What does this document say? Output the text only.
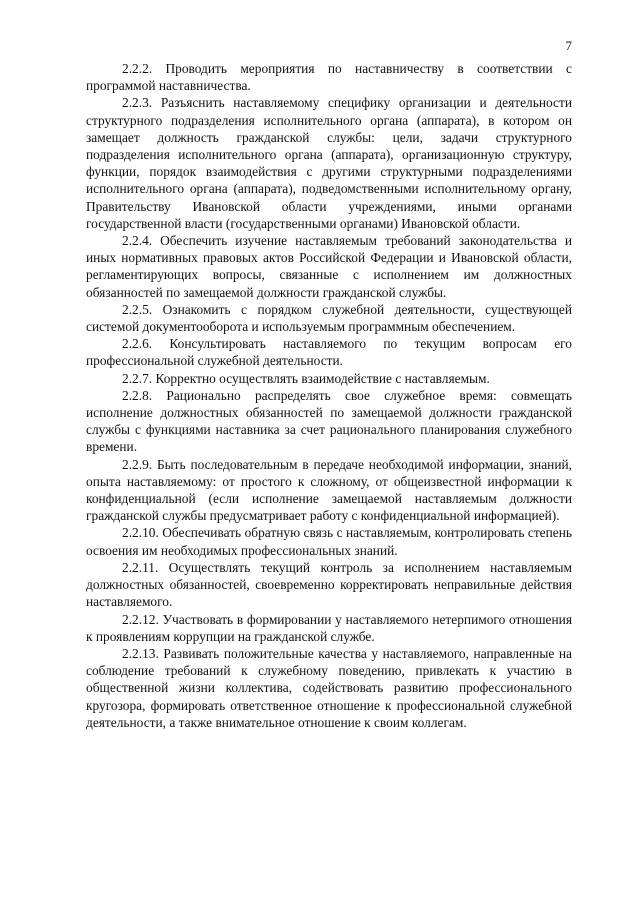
7

2.2.2. Проводить мероприятия по наставничеству в соответствии с программой наставничества.

2.2.3. Разъяснить наставляемому специфику организации и деятельности структурного подразделения исполнительного органа (аппарата), в котором он замещает должность гражданской службы: цели, задачи структурного подразделения исполнительного органа (аппарата), организационную структуру, функции, порядок взаимодействия с другими структурными подразделениями исполнительного органа (аппарата), подведомственными исполнительному органу, Правительству Ивановской области учреждениями, иными органами государственной власти (государственными органами) Ивановской области.

2.2.4. Обеспечить изучение наставляемым требований законодательства и иных нормативных правовых актов Российской Федерации и Ивановской области, регламентирующих вопросы, связанные с исполнением им должностных обязанностей по замещаемой должности гражданской службы.

2.2.5. Ознакомить с порядком служебной деятельности, существующей системой документооборота и используемым программным обеспечением.

2.2.6. Консультировать наставляемого по текущим вопросам его профессиональной служебной деятельности.

2.2.7. Корректно осуществлять взаимодействие с наставляемым.

2.2.8. Рационально распределять свое служебное время: совмещать исполнение должностных обязанностей по замещаемой должности гражданской службы с функциями наставника за счет рационального планирования служебного времени.

2.2.9. Быть последовательным в передаче необходимой информации, знаний, опыта наставляемому: от простого к сложному, от общеизвестной информации к конфиденциальной (если исполнение замещаемой наставляемым должности гражданской службы предусматривает работу с конфиденциальной информацией).

2.2.10. Обеспечивать обратную связь с наставляемым, контролировать степень освоения им необходимых профессиональных знаний.

2.2.11. Осуществлять текущий контроль за исполнением наставляемым должностных обязанностей, своевременно корректировать неправильные действия наставляемого.

2.2.12. Участвовать в формировании у наставляемого нетерпимого отношения к проявлениям коррупции на гражданской службе.

2.2.13. Развивать положительные качества у наставляемого, направленные на соблюдение требований к служебному поведению, привлекать к участию в общественной жизни коллектива, содействовать развитию профессионального кругозора, формировать ответственное отношение к профессиональной служебной деятельности, а также внимательное отношение к своим коллегам.
